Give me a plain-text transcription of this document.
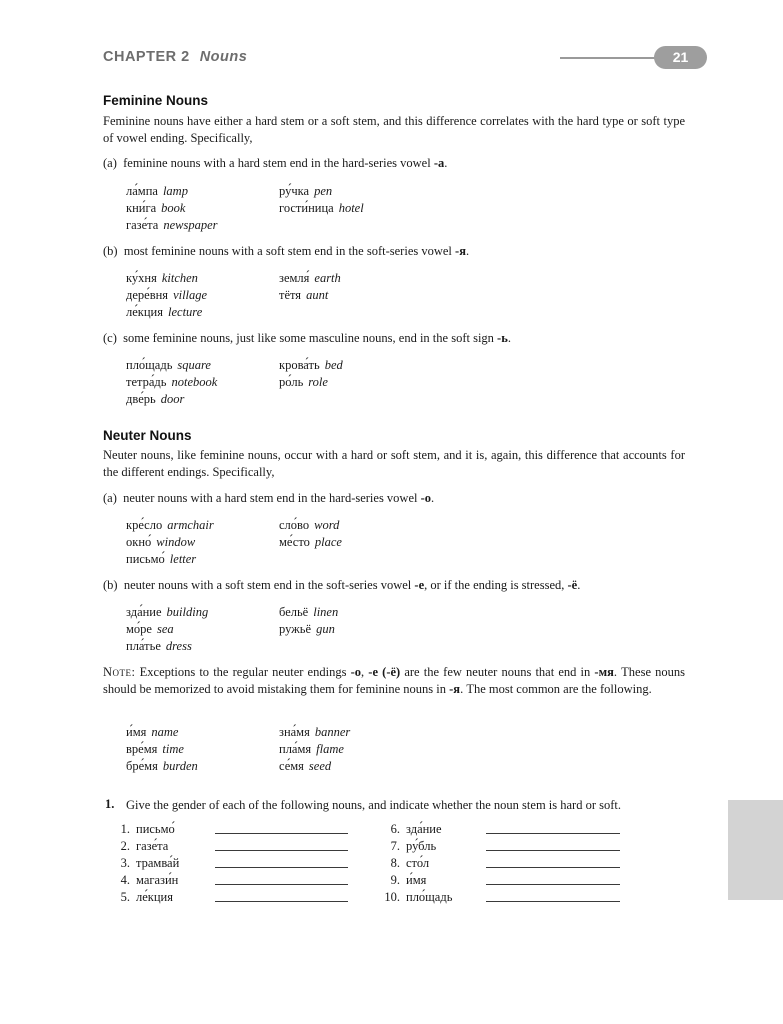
CHAPTER 2 Nouns	21
Feminine Nouns
Feminine nouns have either a hard stem or a soft stem, and this difference correlates with the hard type or soft type of vowel ending. Specifically,
(a) feminine nouns with a hard stem end in the hard-series vowel -а.
ла́мпа lamp
кни́га book
газе́та newspaper
ру́чка pen
гости́ница hotel
(b) most feminine nouns with a soft stem end in the soft-series vowel -я.
ку́хня kitchen
дере́вня village
ле́кция lecture
земля́ earth
тётя aunt
(c) some feminine nouns, just like some masculine nouns, end in the soft sign -ь.
пло́щадь square
тетра́дь notebook
две́рь door
крова́ть bed
ро́ль role
Neuter Nouns
Neuter nouns, like feminine nouns, occur with a hard or soft stem, and it is, again, this difference that accounts for the different endings. Specifically,
(a) neuter nouns with a hard stem end in the hard-series vowel -о.
кре́сло armchair
окно́ window
письмо́ letter
сло́во word
ме́сто place
(b) neuter nouns with a soft stem end in the soft-series vowel -е, or if the ending is stressed, -ё.
зда́ние building
мо́ре sea
пла́тье dress
бельё linen
ружьё gun
Note: Exceptions to the regular neuter endings -о, -е (-ё) are the few neuter nouns that end in -мя. These nouns should be memorized to avoid mistaking them for feminine nouns in -я. The most common are the following.
и́мя name
вре́мя time
бре́мя burden
зна́мя banner
пла́мя flame
се́мя seed
1. Give the gender of each of the following nouns, and indicate whether the noun stem is hard or soft.
1. письмо́
2. газе́та
3. трамва́й
4. магази́н
5. ле́кция
6. зда́ние
7. ру́бль
8. сто́л
9. и́мя
10. пло́щадь
